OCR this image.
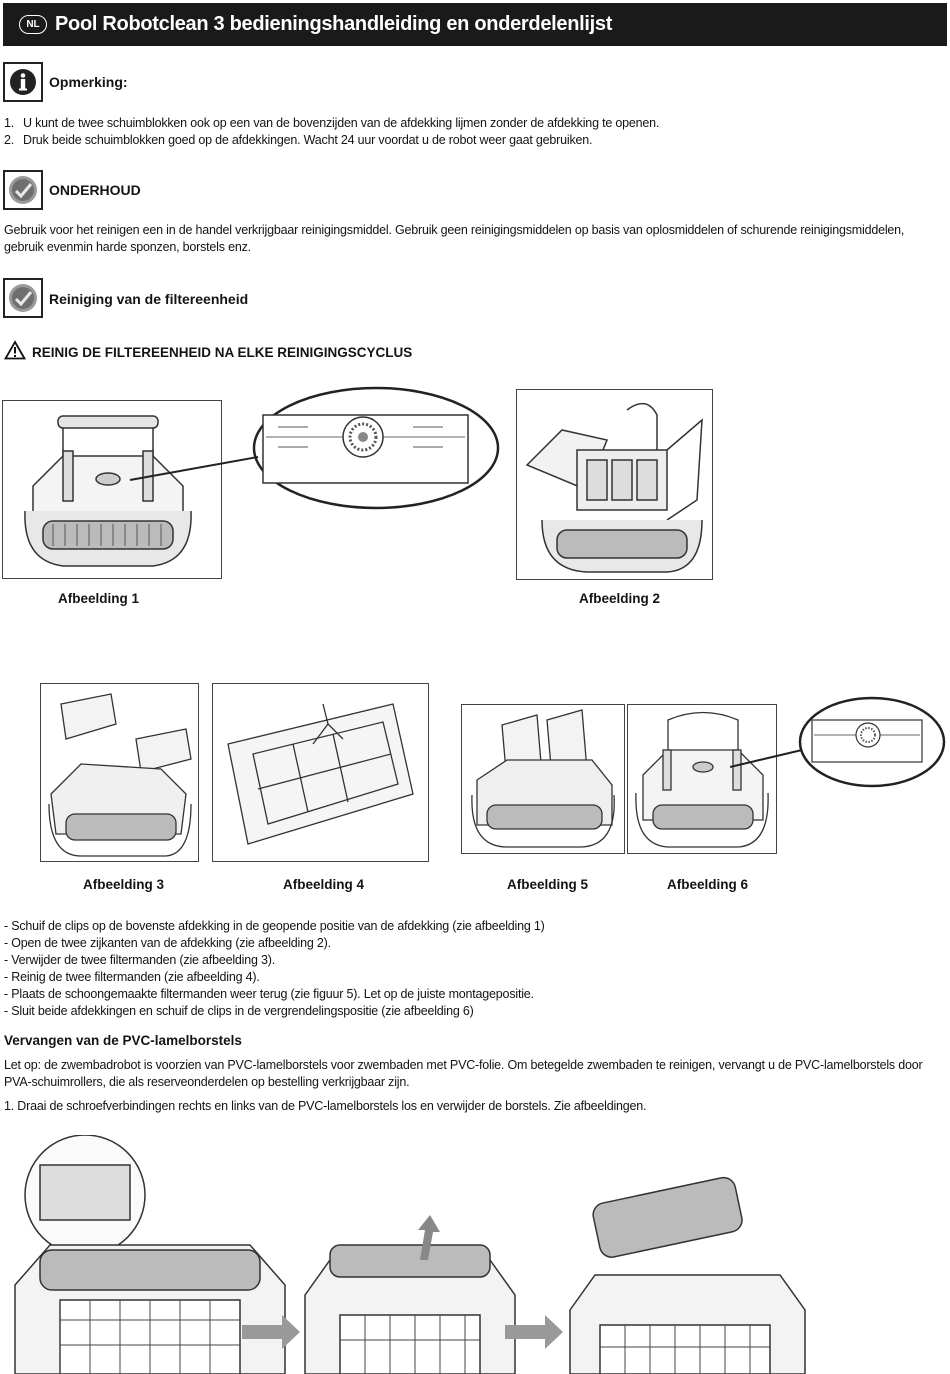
NL Pool Robotclean 3 bedieningshandleiding en onderdelenlijst
Opmerking:
1. U kunt de twee schuimblokken ook op een van de bovenzijden van de afdekking lijmen zonder de afdekking te openen.
2. Druk beide schuimblokken goed op de afdekkingen. Wacht 24 uur voordat u de robot weer gaat gebruiken.
ONDERHOUD
Gebruik voor het reinigen een in de handel verkrijgbaar reinigingsmiddel. Gebruik geen reinigingsmiddelen op basis van oplosmiddelen of schurende reinigingsmiddelen, gebruik evenmin harde sponzen, borstels enz.
Reiniging van de filtereenheid
REINIG DE FILTEREENHEID NA ELKE REINIGINGSCYCLUS
Afbeelding 1	Afbeelding 2
Afbeelding 3	Afbeelding 4	Afbeelding 5	Afbeelding 6
- Schuif de clips op de bovenste afdekking in de geopende positie van de afdekking (zie afbeelding 1)
- Open de twee zijkanten van de afdekking (zie afbeelding 2).
- Verwijder de twee filtermanden (zie afbeelding 3).
- Reinig de twee filtermanden (zie afbeelding 4).
- Plaats de schoongemaakte filtermanden weer terug (zie figuur 5). Let op de juiste montagepositie.
- Sluit beide afdekkingen en schuif de clips in de vergrendelingspositie (zie afbeelding 6)
Vervangen van de PVC-lamelborstels
Let op: de zwembadrobot is voorzien van PVC-lamelborstels voor zwembaden met PVC-folie. Om betegelde zwembaden te reinigen, vervangt u de PVC-lamelborstels door PVA-schuimrollers, die als reserveonderdelen op bestelling verkrijgbaar zijn.
1. Draai de schroefverbindingen rechts en links van de PVC-lamelborstels los en verwijder de borstels. Zie afbeeldingen.
